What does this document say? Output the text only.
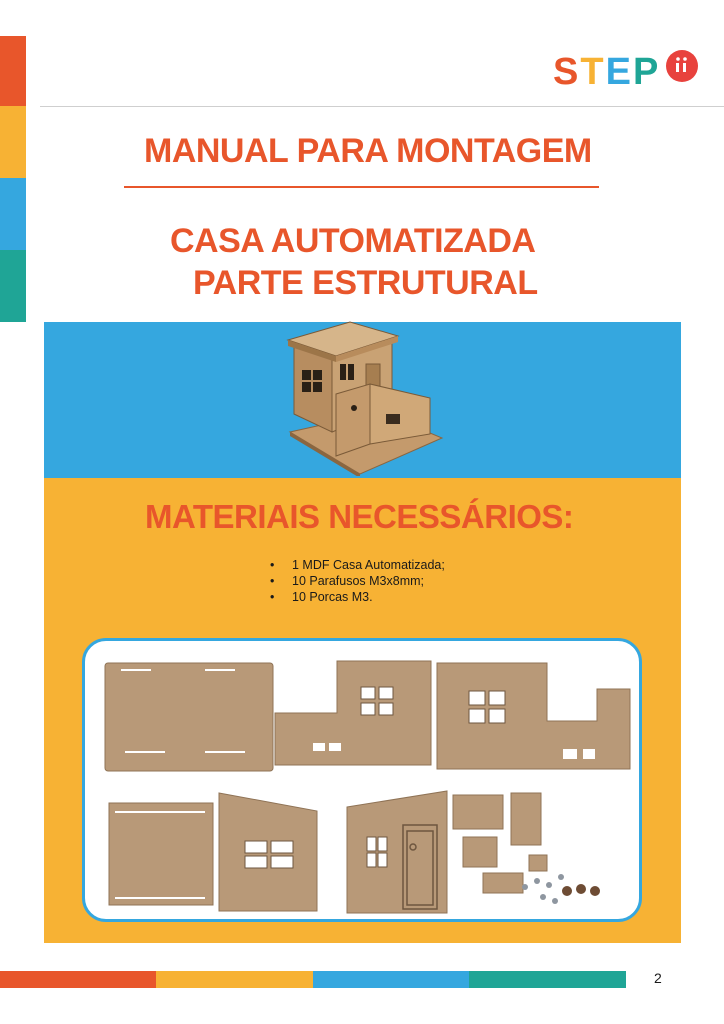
STEP
MANUAL PARA MONTAGEM
CASA AUTOMATIZADA
PARTE ESTRUTURAL
MATERIAIS NECESSÁRIOS:
•	1 MDF Casa Automatizada;
•	10 Parafusos M3x8mm;
•	10 Porcas M3.
2
